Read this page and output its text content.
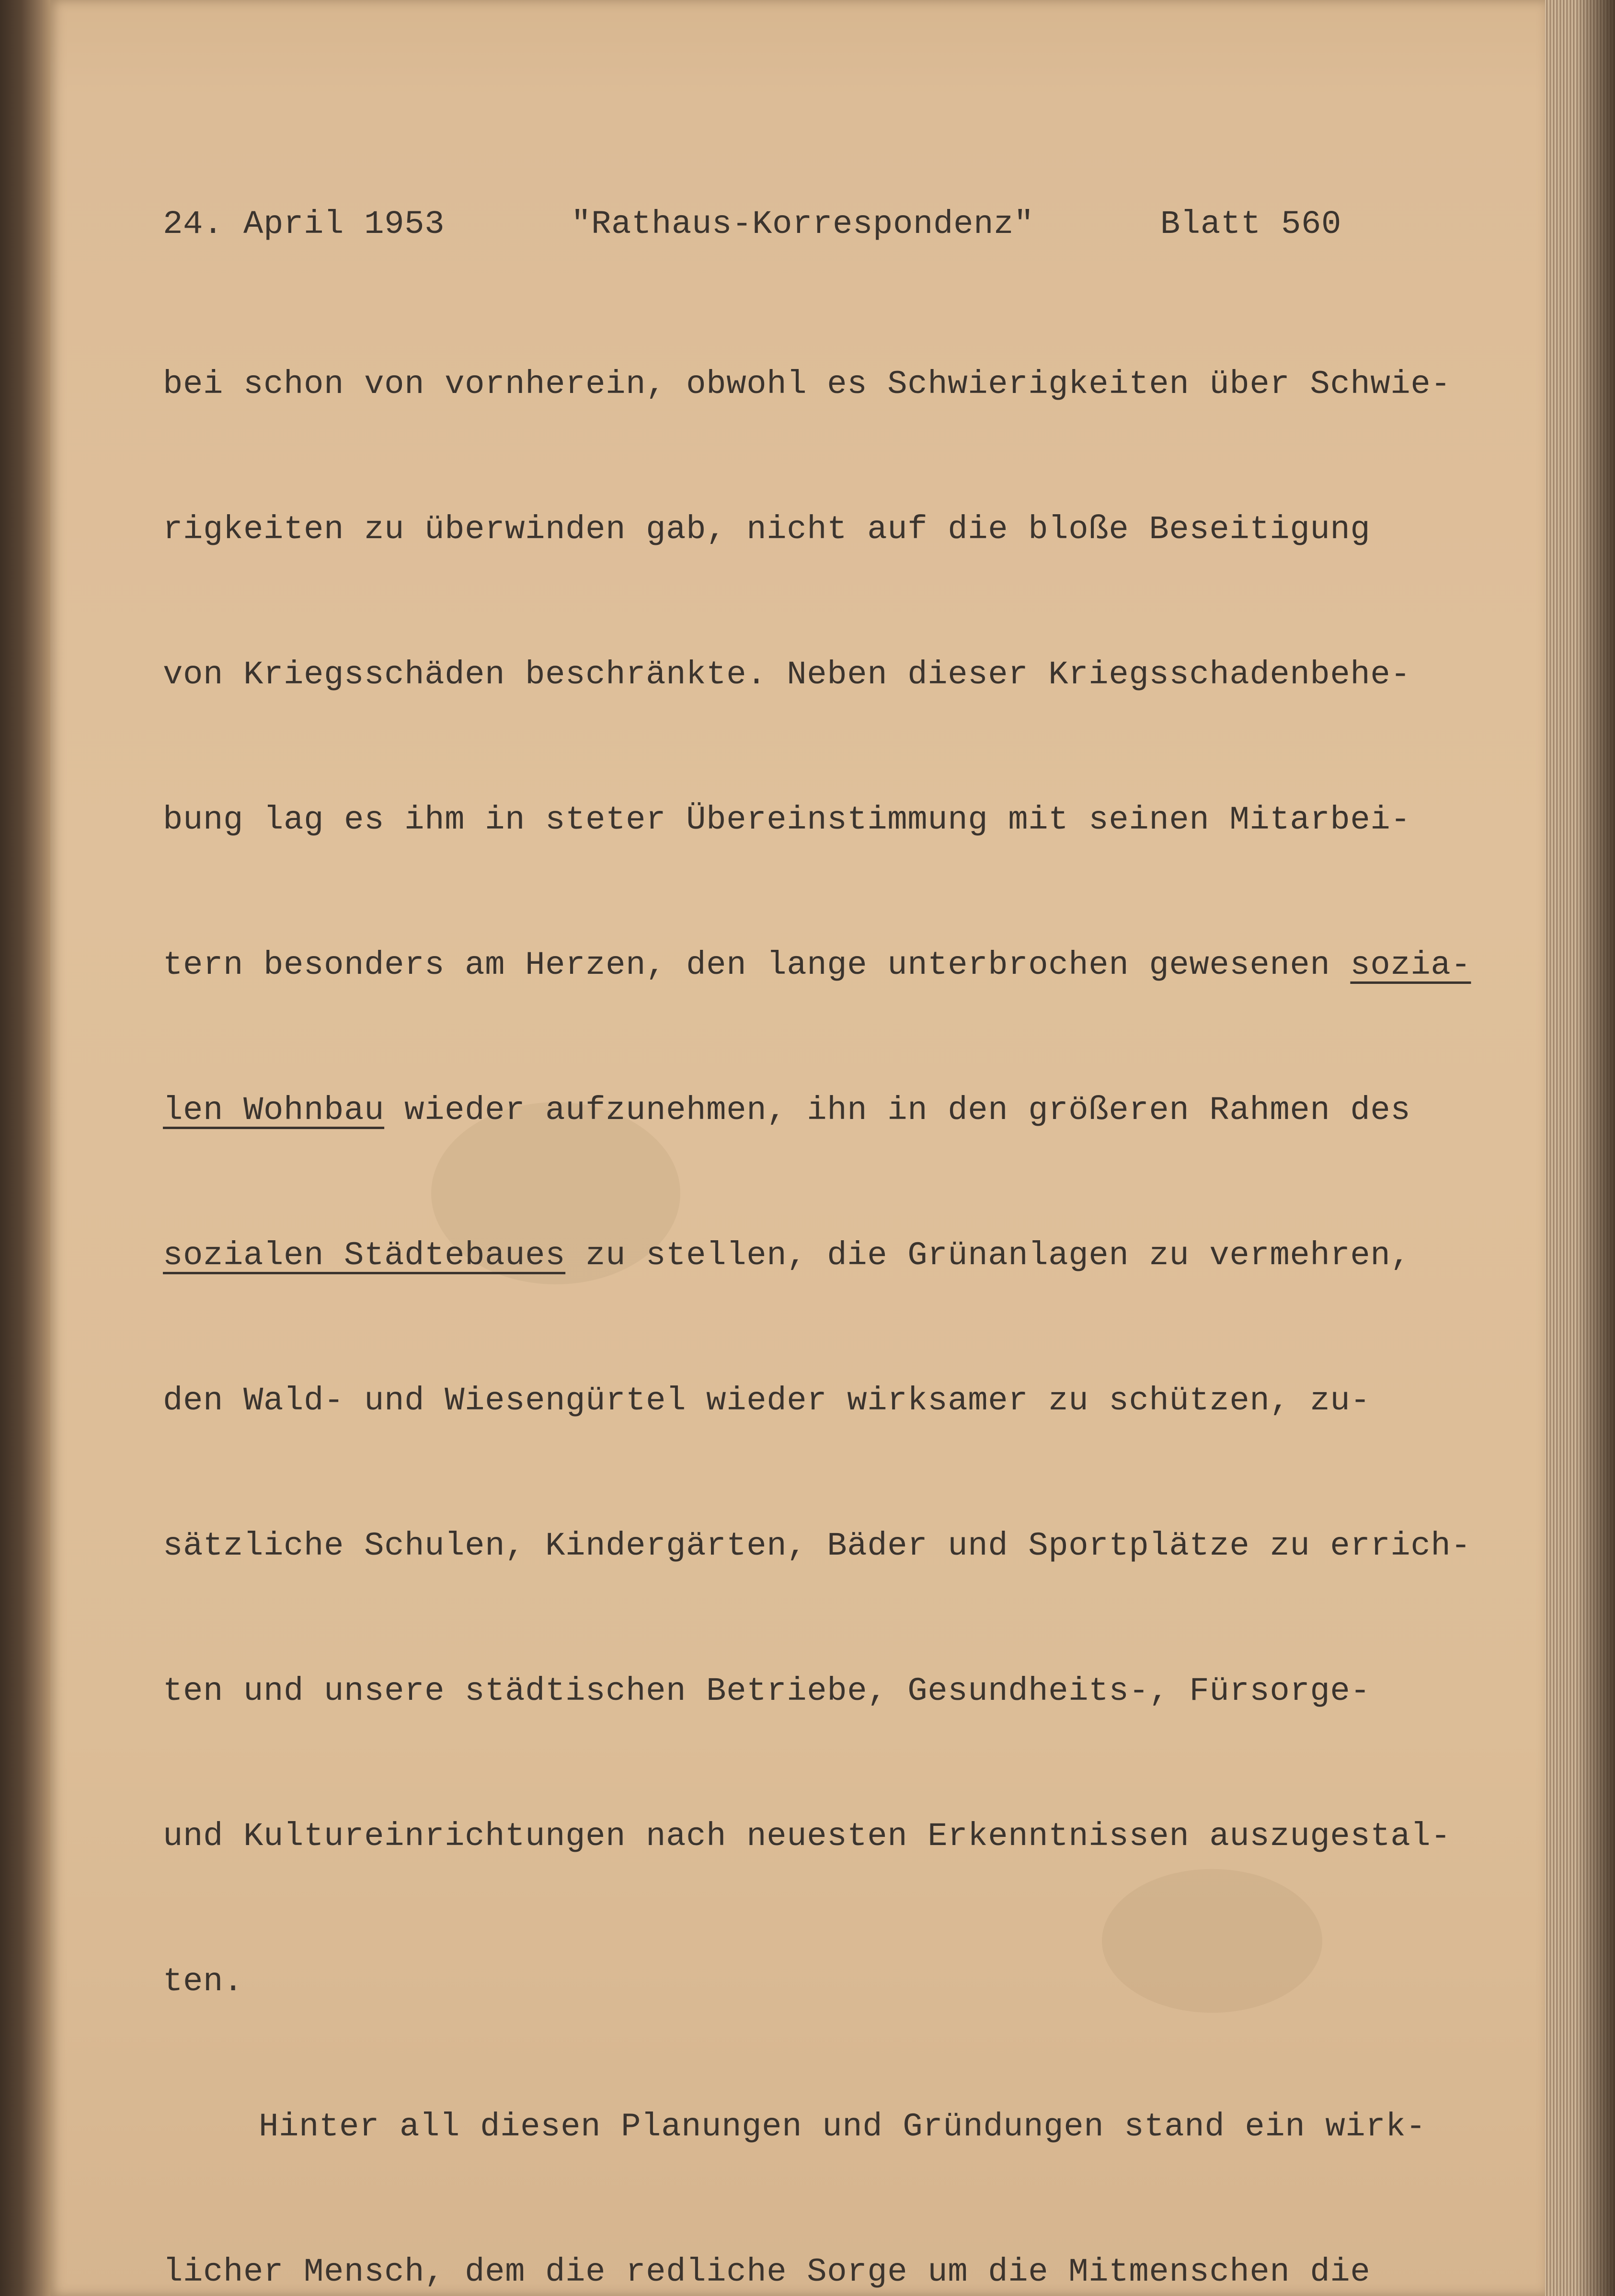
24. April 1953	"Rathaus-Korrespondenz"	Blatt 560

bei schon von vornherein, obwohl es Schwierigkeiten über Schwie-

rigkeiten zu überwinden gab, nicht auf die bloße Beseitigung

von Kriegsschäden beschränkte. Neben dieser Kriegsschadenbehe-

bung lag es ihm in steter Übereinstimmung mit seinen Mitarbei-

tern besonders am Herzen, den lange unterbrochen gewesenen sozia-

len Wohnbau wieder aufzunehmen, ihn in den größeren Rahmen des

sozialen Städtebaues zu stellen, die Grünanlagen zu vermehren,

den Wald- und Wiesengürtel wieder wirksamer zu schützen, zu-

sätzliche Schulen, Kindergärten, Bäder und Sportplätze zu errich-

ten und unsere städtischen Betriebe, Gesundheits-, Fürsorge-

und Kultureinrichtungen nach neuesten Erkenntnissen auszugestal-

ten.

Hinter all diesen Planungen und Gründungen stand ein wirk-

licher Mensch, dem die redliche Sorge um die Mitmenschen die
